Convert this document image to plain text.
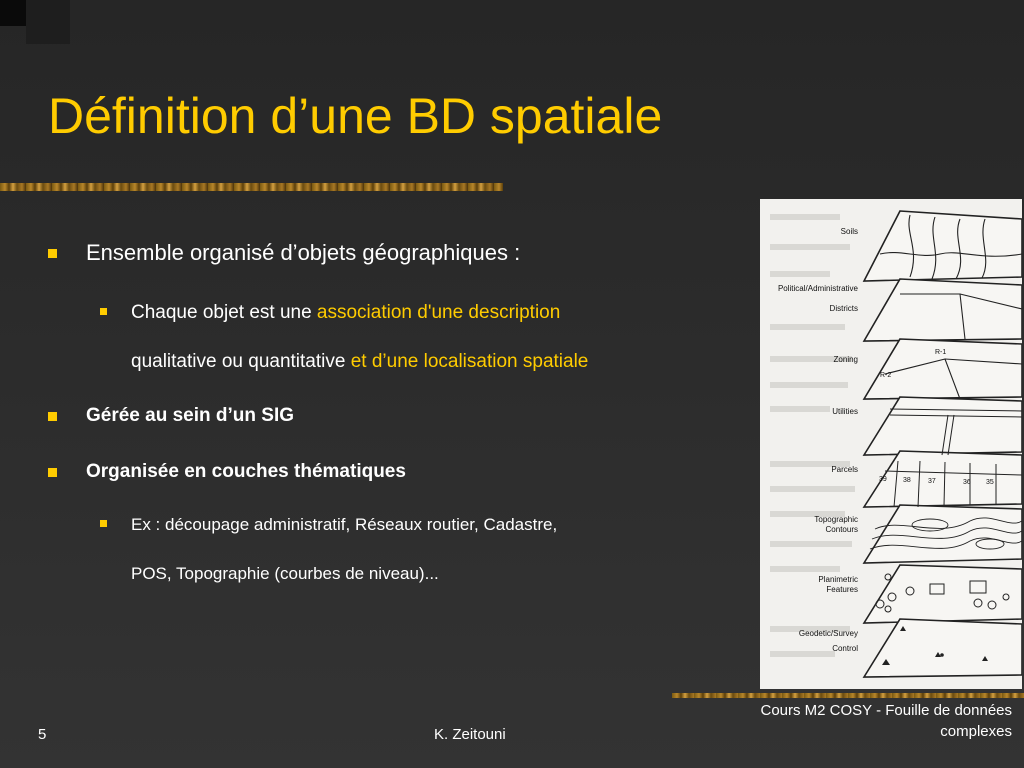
Définition d’une BD spatiale
Ensemble organisé d’objets géographiques :
Chaque objet est une association d'une description
qualitative ou quantitative et d’une localisation spatiale
Gérée au sein d’un SIG
Organisée en couches thématiques
Ex : découpage administratif, Réseaux routier, Cadastre,
POS, Topographie (courbes de niveau)...
Soils
Political/Administrative
Districts
Zoning
Utilities
Parcels
Topographic
Contours
Planimetric
Features
Geodetic/Survey
Control
R-1
R-2
39 38 37	36 35
5	K. Zeitouni
Cours M2 COSY - Fouille de données
complexes
